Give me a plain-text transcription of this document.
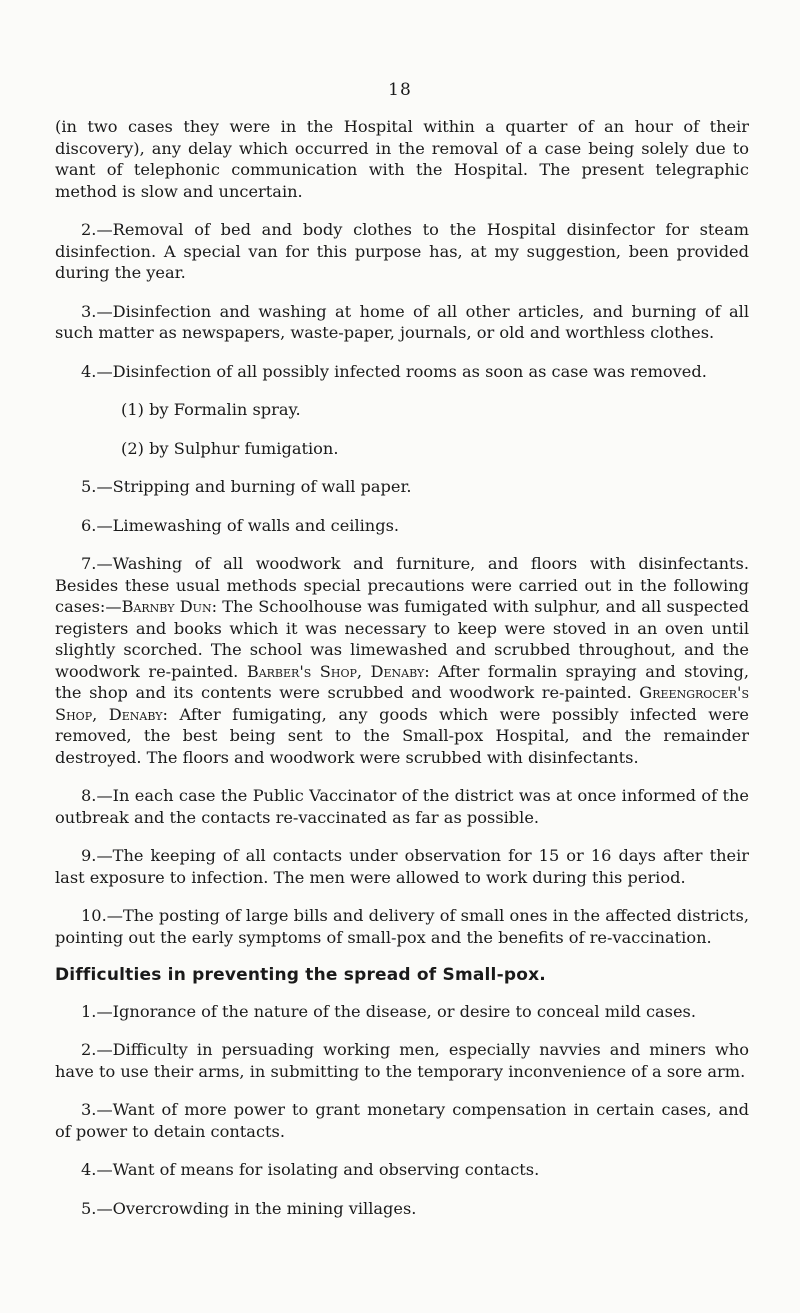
18

(in two cases they were in the Hospital within a quarter of an hour of their discovery), any delay which occurred in the removal of a case being solely due to want of telephonic communication with the Hospital. The present telegraphic method is slow and uncertain.

2.—Removal of bed and body clothes to the Hospital disinfector for steam disinfection. A special van for this purpose has, at my suggestion, been provided during the year.

3.—Disinfection and washing at home of all other articles, and burning of all such matter as newspapers, waste-paper, journals, or old and worthless clothes.

4.—Disinfection of all possibly infected rooms as soon as case was removed.

(1) by Formalin spray.
(2) by Sulphur fumigation.

5.—Stripping and burning of wall paper.

6.—Limewashing of walls and ceilings.

7.—Washing of all woodwork and furniture, and floors with disinfectants. Besides these usual methods special precautions were carried out in the following cases:—Barnby Dun: The Schoolhouse was fumigated with sulphur, and all suspected registers and books which it was necessary to keep were stoved in an oven until slightly scorched. The school was limewashed and scrubbed throughout, and the woodwork re-painted. Barber's Shop, Denaby: After formalin spraying and stoving, the shop and its contents were scrubbed and woodwork re-painted. Greengrocer's Shop, Denaby: After fumigating, any goods which were possibly infected were removed, the best being sent to the Small-pox Hospital, and the remainder destroyed. The floors and woodwork were scrubbed with disinfectants.

8.—In each case the Public Vaccinator of the district was at once informed of the outbreak and the contacts re-vaccinated as far as possible.

9.—The keeping of all contacts under observation for 15 or 16 days after their last exposure to infection. The men were allowed to work during this period.

10.—The posting of large bills and delivery of small ones in the affected districts, pointing out the early symptoms of small-pox and the benefits of re-vaccination.

Difficulties in preventing the spread of Small-pox.

1.—Ignorance of the nature of the disease, or desire to conceal mild cases.

2.—Difficulty in persuading working men, especially navvies and miners who have to use their arms, in submitting to the temporary inconvenience of a sore arm.

3.—Want of more power to grant monetary compensation in certain cases, and of power to detain contacts.

4.—Want of means for isolating and observing contacts.

5.—Overcrowding in the mining villages.
